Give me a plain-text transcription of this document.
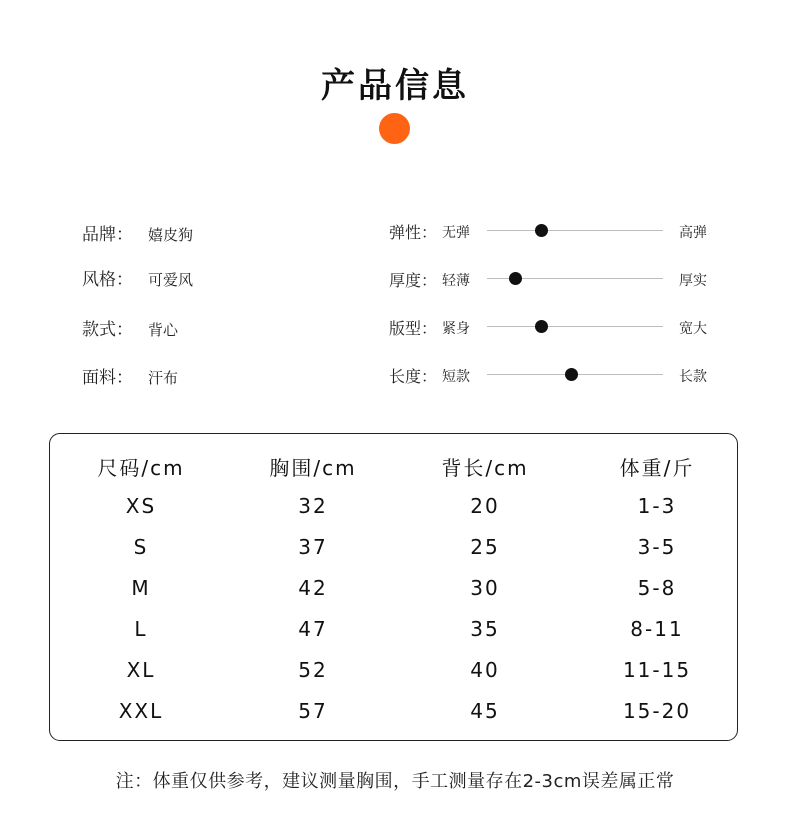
产品信息
品牌：	嬉皮狗
风格：	可爱风
款式：	背心
面料：	汗布
弹性： 无弹	高弹
厚度： 轻薄	厚实
版型： 紧身	宽大
长度： 短款	长款
尺码/cm	胸围/cm	背长/cm	体重/斤
XS	32	20	1-3
S	37	25	3-5
M	42	30	5-8
L	47	35	8-11
XL	52	40	11-15
XXL	57	45	15-20
注：体重仅供参考，建议测量胸围，手工测量存在2-3cm误差属正常
